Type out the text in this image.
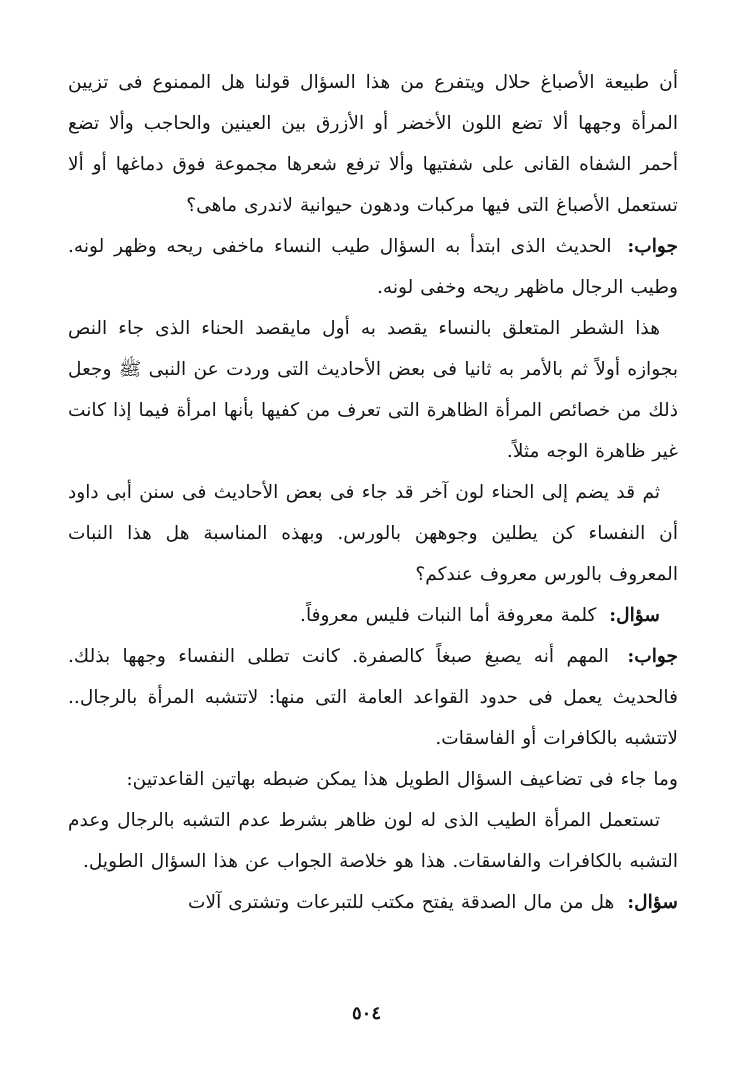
أن طبيعة الأصباغ حلال ويتفرع من هذا السؤال قولنا هل الممنوع فى تزيين المرأة وجهها ألا تضع اللون الأخضر أو الأزرق بين العينين والحاجب وألا تضع أحمر الشفاه القانى على شفتيها وألا ترفع شعرها مجموعة فوق دماغها أو ألا تستعمل الأصباغ التى فيها مركبات ودهون حيوانية لاندرى ماهى؟

جواب: الحديث الذى ابتدأ به السؤال طيب النساء ماخفى ريحه وظهر لونه. وطيب الرجال ماظهر ريحه وخفى لونه.

هذا الشطر المتعلق بالنساء يقصد به أول مايقصد الحناء الذى جاء النص بجوازه أولاً ثم بالأمر به ثانيا فى بعض الأحاديث التى وردت عن النبى ﷺ وجعل ذلك من خصائص المرأة الظاهرة التى تعرف من كفيها بأنها امرأة فيما إذا كانت غير ظاهرة الوجه مثلاً.

ثم قد يضم إلى الحناء لون آخر قد جاء فى بعض الأحاديث فى سنن أبى داود أن النفساء كن يطلين وجوههن بالورس. وبهذه المناسبة هل هذا النبات المعروف بالورس معروف عندكم؟

سؤال: كلمة معروفة أما النبات فليس معروفاً.

جواب: المهم أنه يصبغ صبغاً كالصفرة. كانت تطلى النفساء وجهها بذلك. فالحديث يعمل فى حدود القواعد العامة التى منها: لاتتشبه المرأة بالرجال.. لاتتشبه بالكافرات أو الفاسقات.

وما جاء فى تضاعيف السؤال الطويل هذا يمكن ضبطه بهاتين القاعدتين:

تستعمل المرأة الطيب الذى له لون ظاهر بشرط عدم التشبه بالرجال وعدم التشبه بالكافرات والفاسقات. هذا هو خلاصة الجواب عن هذا السؤال الطويل.

سؤال: هل من مال الصدقة يفتح مكتب للتبرعات وتشترى آلات

٥٠٤
